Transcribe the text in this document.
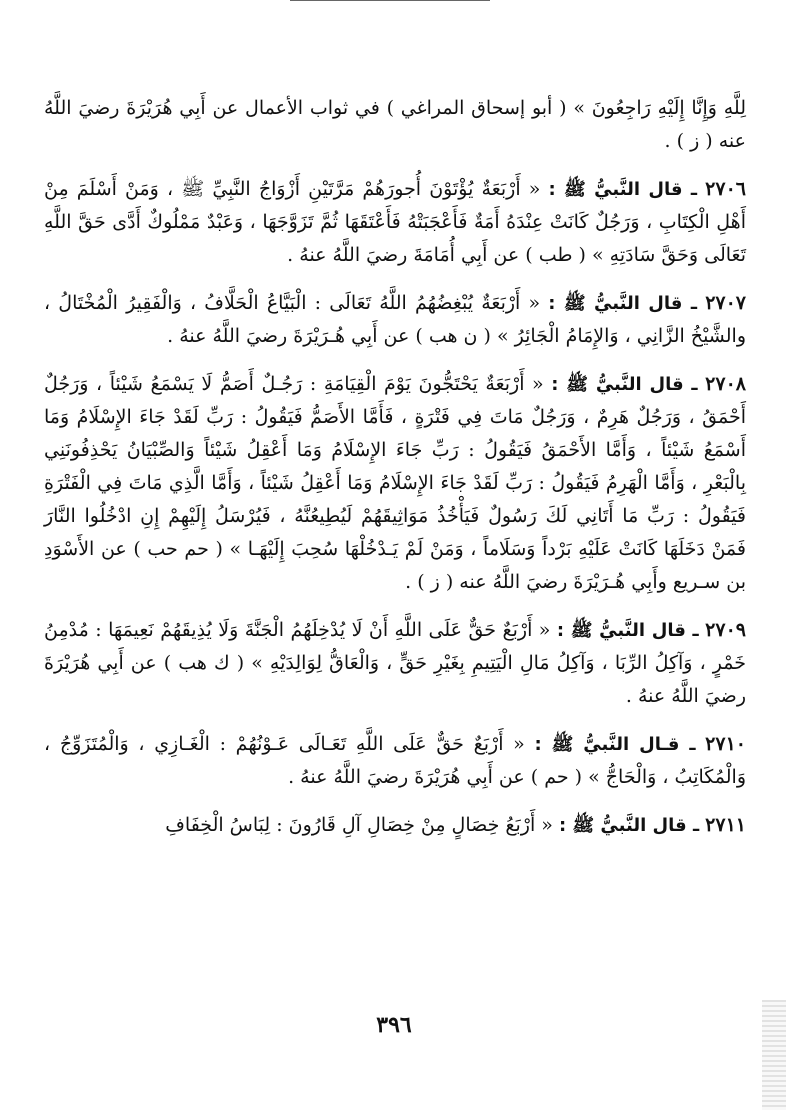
لِلَّهِ وَإِنَّا إِلَيْهِ رَاجِعُونَ » ( أبو إسحاق المراغي ) في ثواب الأعمال عن أَبِي هُرَيْرَةَ رضيَ اللَّهُ عنه ( ز ) .

٢٧٠٦ ـ قال النَّبيُّ ﷺ : « أَرْبَعَةٌ يُؤْتَوْنَ أُجورَهُمْ مَرَّتَيْنِ أَزْوَاجُ النَّبِيِّ ﷺ ، وَمَنْ أَسْلَمَ مِنْ أَهْلِ الْكِتَابِ ، وَرَجُلٌ كَانَتْ عِنْدَهُ أَمَةٌ فَأَعْجَبَتْهُ فَأَعْتَقَهَا ثُمَّ تَزَوَّجَهَا ، وَعَبْدٌ مَمْلُوكٌ أَدَّى حَقَّ اللَّهِ تَعَالَى وَحَقَّ سَادَتِهِ » ( طب ) عن أَبِي أُمَامَةَ رضيَ اللَّهُ عنهُ .

٢٧٠٧ ـ قال النَّبيُّ ﷺ : « أَرْبَعَةٌ يُبْغِضُهُمُ اللَّهُ تَعَالَى : الْبَيَّاعُ الْحَلَّافُ ، وَالْفَقِيرُ الْمُخْتَالُ ، والشَّيْخُ الزَّانِي ، وَالإِمَامُ الْجَائِرُ » ( ن هب ) عن أَبِي هُـرَيْرَةَ رضيَ اللَّهُ عنهُ .

٢٧٠٨ ـ قال النَّبيُّ ﷺ : « أَرْبَعَةٌ يَحْتَجُّونَ يَوْمَ الْقِيَامَةِ : رَجُـلٌ أَصَمُّ لَا يَسْمَعُ شَيْئاً ، وَرَجُلٌ أَحْمَقُ ، وَرَجُلٌ هَرِمٌ ، وَرَجُلٌ مَاتَ فِي فَتْرَةٍ ، فَأَمَّا الأَصَمُّ فَيَقُولُ : رَبِّ لَقَدْ جَاءَ الإِسْلَامُ وَمَا أَسْمَعُ شَيْئاً ، وَأَمَّا الأَحْمَقُ فَيَقُولُ : رَبِّ جَاءَ الإِسْلَامُ وَمَا أَعْقِلُ شَيْئاً وَالصِّبْيَانُ يَحْذِفُونَنِي بِالْبَعْرِ ، وَأَمَّا الْهَرِمُ فَيَقُولُ : رَبِّ لَقَدْ جَاءَ الإِسْلَامُ وَمَا أَعْقِلُ شَيْئاً ، وَأَمَّا الَّذِي مَاتَ فِي الْفَتْرَةِ فَيَقُولُ : رَبِّ مَا أَتَانِي لَكَ رَسُولٌ فَيَأْخُذُ مَوَاثِيقَهُمْ لَيُطِيعُنَّهُ ، فَيُرْسَلُ إِلَيْهِمْ إِنِ ادْخُلُوا النَّارَ فَمَنْ دَخَلَهَا كَانَتْ عَلَيْهِ بَرْداً وَسَلَاماً ، وَمَنْ لَمْ يَـدْخُلْهَا سُحِبَ إِلَيْهَـا » ( حم حب ) عن الأَسْوَدِ بن سـريع وأَبِي هُـرَيْرَةَ رضيَ اللَّهُ عنه ( ز ) .

٢٧٠٩ ـ قال النَّبيُّ ﷺ : « أَرْبَعٌ حَقٌّ عَلَى اللَّهِ أَنْ لَا يُدْخِلَهُمُ الْجَنَّةَ وَلَا يُذِيقَهُمْ نَعِيمَهَا : مُدْمِنُ خَمْرٍ ، وَآكِلُ الرِّبَا ، وَآكِلُ مَالِ الْيَتِيمِ بِغَيْرِ حَقٍّ ، وَالْعَاقُّ لِوَالِدَيْهِ » ( ك هب ) عن أَبِي هُرَيْرَةَ رضيَ اللَّهُ عنهُ .

٢٧١٠ ـ قـال النَّبيُّ ﷺ : « أَرْبَعٌ حَقٌّ عَلَى اللَّهِ تَعَـالَى عَـوْنُهُمْ : الْغَـازِي ، وَالْمُتَزَوِّجُ ، وَالْمُكَاتِبُ ، وَالْحَاجُّ » ( حم ) عن أَبِي هُرَيْرَةَ رضيَ اللَّهُ عنهُ .

٢٧١١ ـ قال النَّبيُّ ﷺ : « أَرْبَعُ خِصَالٍ مِنْ خِصَالِ آلِ قَارُونَ : لِبَاسُ الْخِفَافِ

٣٩٦
